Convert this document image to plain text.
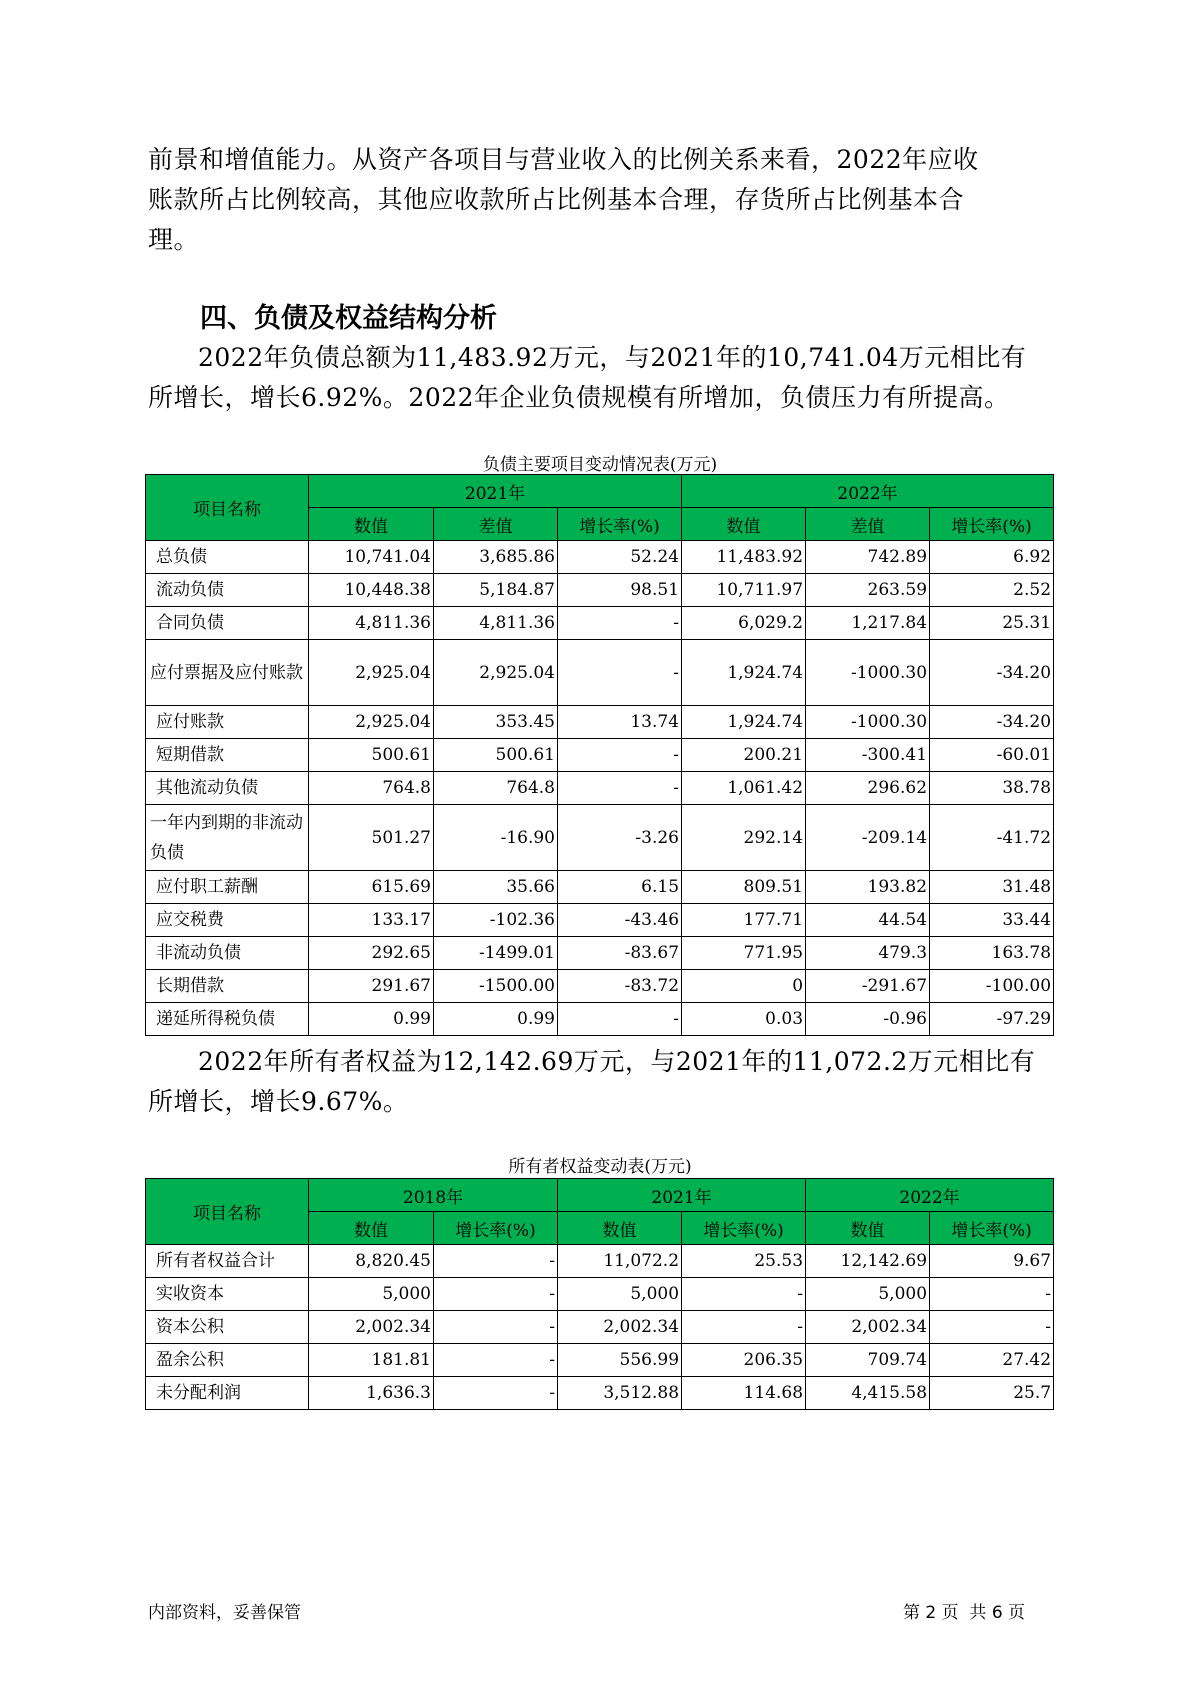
前景和增值能力。从资产各项目与营业收入的比例关系来看，2022年应收

账款所占比例较高，其他应收款所占比例基本合理，存货所占比例基本合

理。

四、负债及权益结构分析

2022年负债总额为11,483.92万元，与2021年的10,741.04万元相比有

所增长，增长6.92%。2022年企业负债规模有所增加，负债压力有所提高。

负债主要项目变动情况表(万元)

项目名称	2021年			2022年		
	数值	差值	增长率(%)	数值	差值	增长率(%)
总负债	10,741.04	3,685.86	52.24	11,483.92	742.89	6.92
流动负债	10,448.38	5,184.87	98.51	10,711.97	263.59	2.52
合同负债	4,811.36	4,811.36	-	6,029.2	1,217.84	25.31
应付票据及应付账款	2,925.04	2,925.04	-	1,924.74	-1000.30	-34.20
应付账款	2,925.04	353.45	13.74	1,924.74	-1000.30	-34.20
短期借款	500.61	500.61	-	200.21	-300.41	-60.01
其他流动负债	764.8	764.8	-	1,061.42	296.62	38.78
一年内到期的非流动负债	501.27	-16.90	-3.26	292.14	-209.14	-41.72
应付职工薪酬	615.69	35.66	6.15	809.51	193.82	31.48
应交税费	133.17	-102.36	-43.46	177.71	44.54	33.44
非流动负债	292.65	-1499.01	-83.67	771.95	479.3	163.78
长期借款	291.67	-1500.00	-83.72	0	-291.67	-100.00
递延所得税负债	0.99	0.99	-	0.03	-0.96	-97.29

2022年所有者权益为12,142.69万元，与2021年的11,072.2万元相比有

所增长，增长9.67%。

所有者权益变动表(万元)

项目名称	2018年		2021年		2022年	
	数值	增长率(%)	数值	增长率(%)	数值	增长率(%)
所有者权益合计	8,820.45	-	11,072.2	25.53	12,142.69	9.67
实收资本	5,000	-	5,000	-	5,000	-
资本公积	2,002.34	-	2,002.34	-	2,002.34	-
盈余公积	181.81	-	556.99	206.35	709.74	27.42
未分配利润	1,636.3	-	3,512.88	114.68	4,415.58	25.7

内部资料，妥善保管	第 2 页  共 6 页
